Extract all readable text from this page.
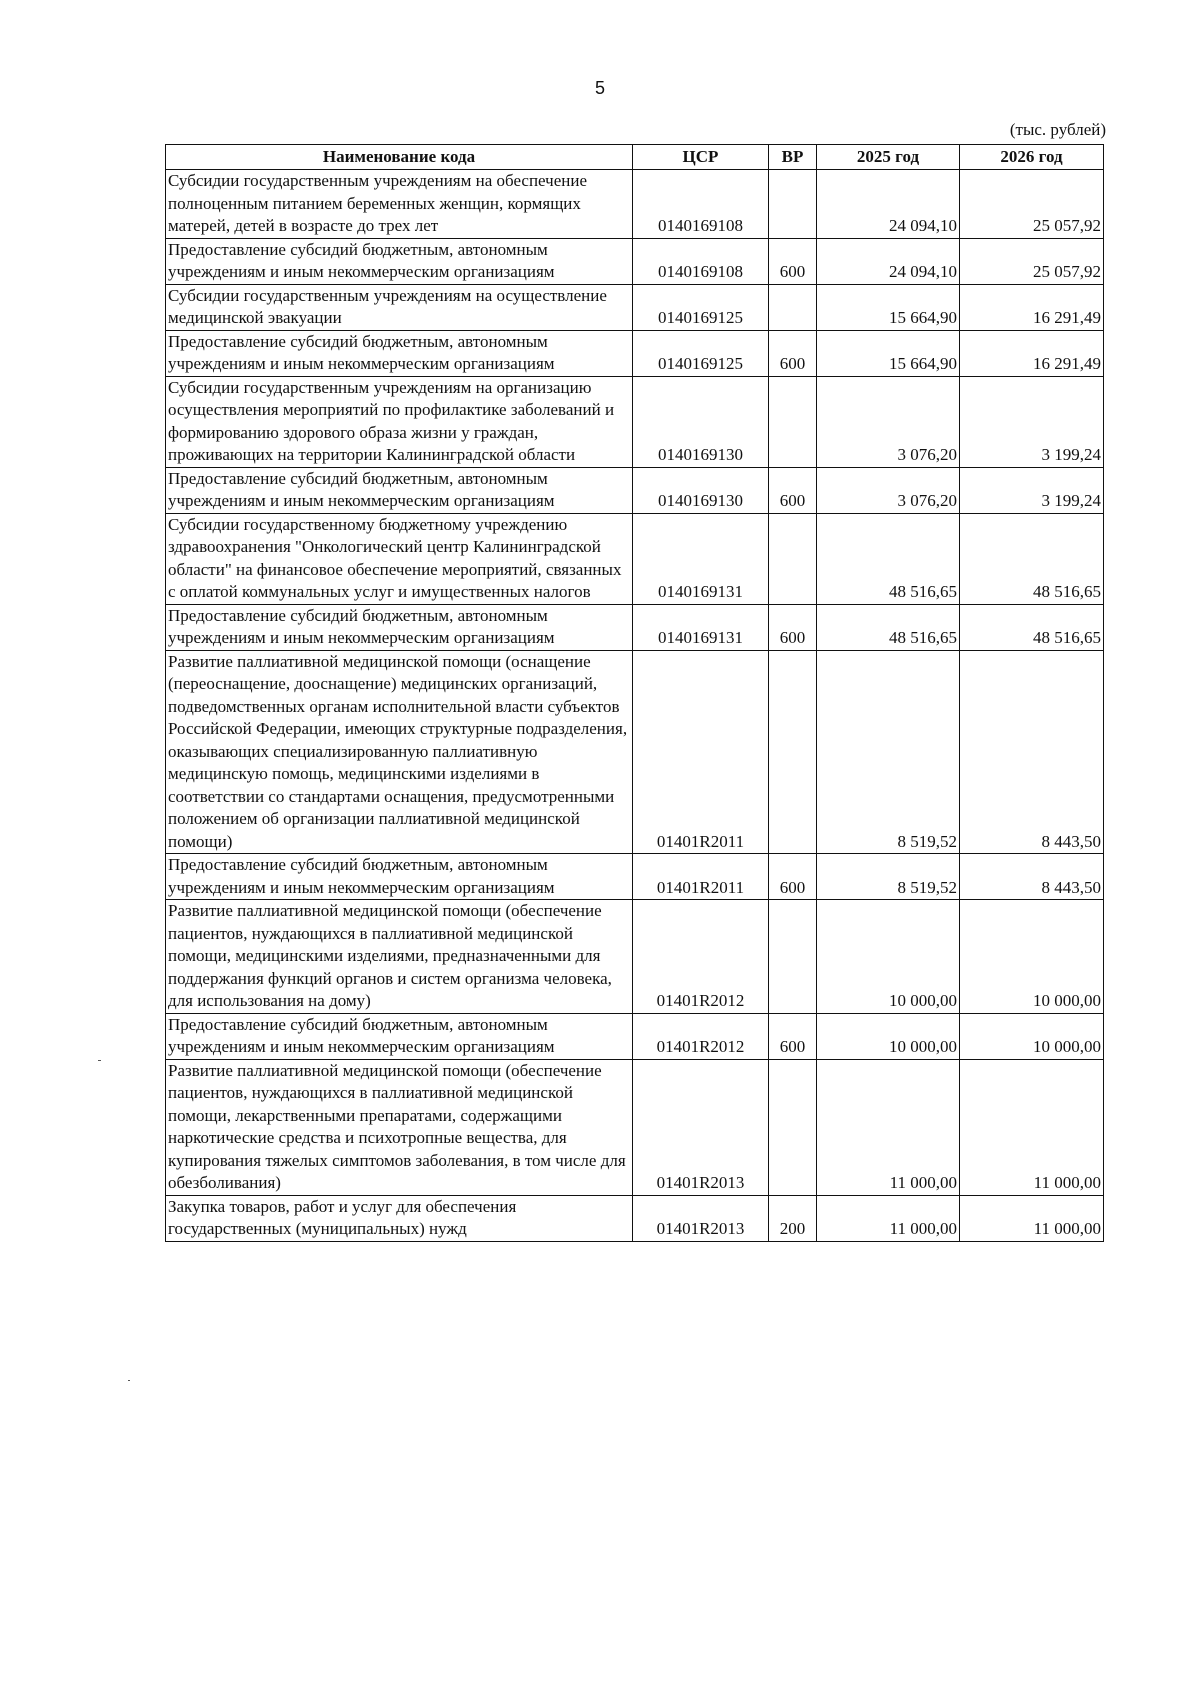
5
(тыс. рублей)
Наименование кода	ЦСР	ВР	2025 год	2026 год
Субсидии государственным учреждениям на обеспечение полноценным питанием беременных женщин, кормящих матерей, детей в возрасте до трех лет	0140169108		24 094,10	25 057,92
Предоставление субсидий бюджетным, автономным учреждениям и иным некоммерческим организациям	0140169108	600	24 094,10	25 057,92
Субсидии государственным учреждениям на осуществление медицинской эвакуации	0140169125		15 664,90	16 291,49
Предоставление субсидий бюджетным, автономным учреждениям и иным некоммерческим организациям	0140169125	600	15 664,90	16 291,49
Субсидии государственным учреждениям на организацию осуществления мероприятий по профилактике заболеваний и формированию здорового образа жизни у граждан, проживающих на территории Калининградской области	0140169130		3 076,20	3 199,24
Предоставление субсидий бюджетным, автономным учреждениям и иным некоммерческим организациям	0140169130	600	3 076,20	3 199,24
Субсидии государственному бюджетному учреждению здравоохранения "Онкологический центр Калининградской области" на финансовое обеспечение мероприятий, связанных с оплатой коммунальных услуг и имущественных налогов	0140169131		48 516,65	48 516,65
Предоставление субсидий бюджетным, автономным учреждениям и иным некоммерческим организациям	0140169131	600	48 516,65	48 516,65
Развитие паллиативной медицинской помощи (оснащение (переоснащение, дооснащение) медицинских организаций, подведомственных органам исполнительной власти субъектов Российской Федерации, имеющих структурные подразделения, оказывающих специализированную паллиативную медицинскую помощь, медицинскими изделиями в соответствии со стандартами оснащения, предусмотренными положением об организации паллиативной медицинской помощи)	01401R2011		8 519,52	8 443,50
Предоставление субсидий бюджетным, автономным учреждениям и иным некоммерческим организациям	01401R2011	600	8 519,52	8 443,50
Развитие паллиативной медицинской помощи (обеспечение пациентов, нуждающихся в паллиативной медицинской помощи, медицинскими изделиями, предназначенными для поддержания функций органов и систем организма человека, для использования на дому)	01401R2012		10 000,00	10 000,00
Предоставление субсидий бюджетным, автономным учреждениям и иным некоммерческим организациям	01401R2012	600	10 000,00	10 000,00
Развитие паллиативной медицинской помощи (обеспечение пациентов, нуждающихся в паллиативной медицинской помощи, лекарственными препаратами, содержащими наркотические средства и психотропные вещества, для купирования тяжелых симптомов заболевания, в том числе для обезболивания)	01401R2013		11 000,00	11 000,00
Закупка товаров, работ и услуг для обеспечения государственных (муниципальных) нужд	01401R2013	200	11 000,00	11 000,00
